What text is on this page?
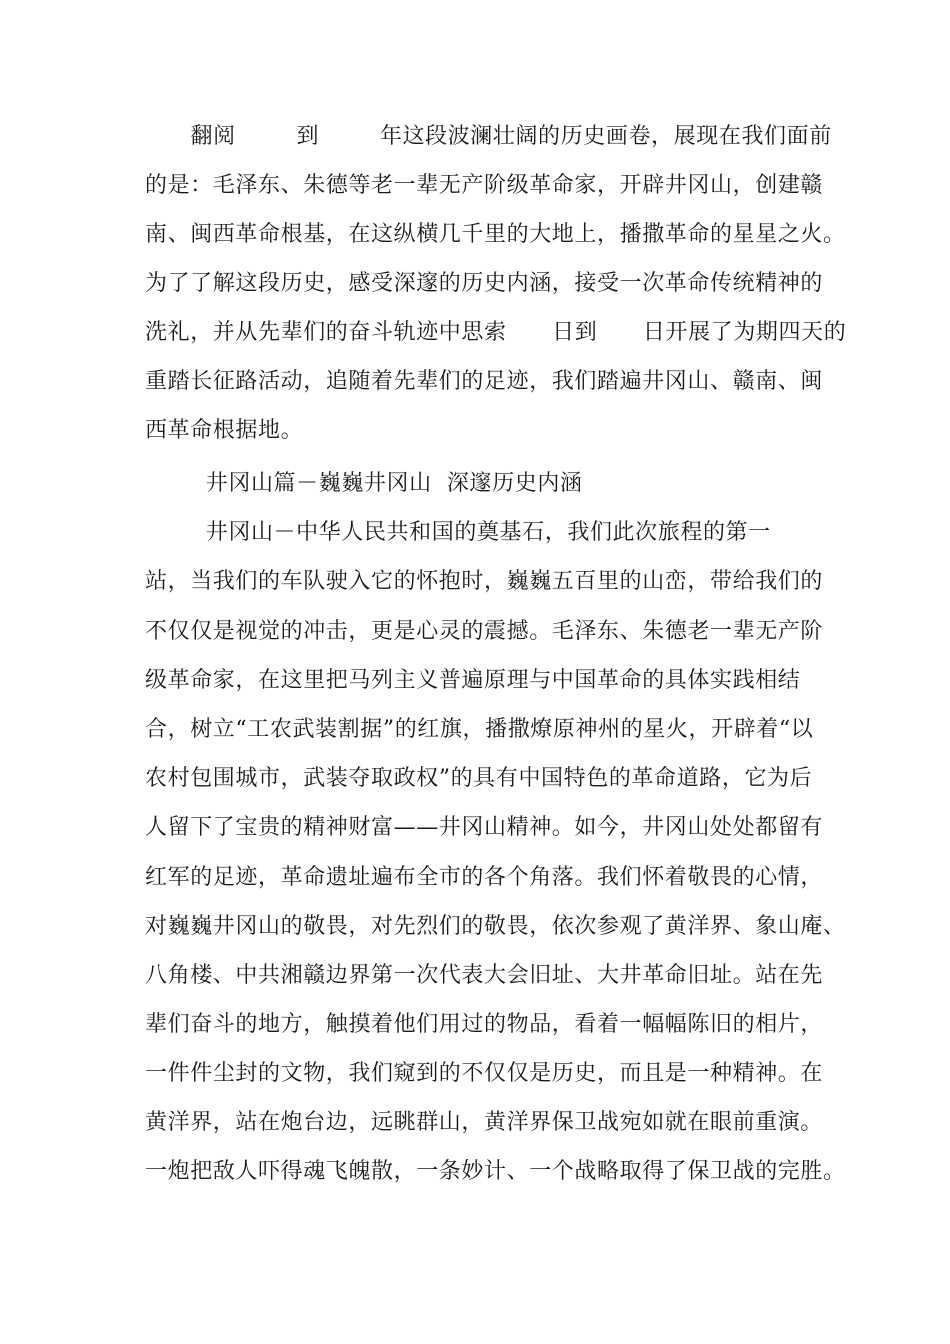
翻阅        到        年这段波澜壮阔的历史画卷，展现在我们面前
的是：毛泽东、朱德等老一辈无产阶级革命家，开辟井冈山，创建赣
南、闽西革命根基，在这纵横几千里的大地上，播撒革命的星星之火。
为了了解这段历史，感受深邃的历史内涵，接受一次革命传统精神的
洗礼，并从先辈们的奋斗轨迹中思索      日到      日开展了为期四天的
重踏长征路活动，追随着先辈们的足迹，我们踏遍井冈山、赣南、闽
西革命根据地。
井冈山篇－巍巍井冈山  深邃历史内涵
井冈山－中华人民共和国的奠基石，我们此次旅程的第一
站，当我们的车队驶入它的怀抱时，巍巍五百里的山峦，带给我们的
不仅仅是视觉的冲击，更是心灵的震撼。毛泽东、朱德老一辈无产阶
级革命家，在这里把马列主义普遍原理与中国革命的具体实践相结
合，树立“工农武装割据”的红旗，播撒燎原神州的星火，开辟着“以
农村包围城市，武装夺取政权”的具有中国特色的革命道路，它为后
人留下了宝贵的精神财富——井冈山精神。如今，井冈山处处都留有
红军的足迹，革命遗址遍布全市的各个角落。我们怀着敬畏的心情，
对巍巍井冈山的敬畏，对先烈们的敬畏，依次参观了黄洋界、象山庵、
八角楼、中共湘赣边界第一次代表大会旧址、大井革命旧址。站在先
辈们奋斗的地方，触摸着他们用过的物品，看着一幅幅陈旧的相片，
一件件尘封的文物，我们窥到的不仅仅是历史，而且是一种精神。在
黄洋界，站在炮台边，远眺群山，黄洋界保卫战宛如就在眼前重演。
一炮把敌人吓得魂飞魄散，一条妙计、一个战略取得了保卫战的完胜。
